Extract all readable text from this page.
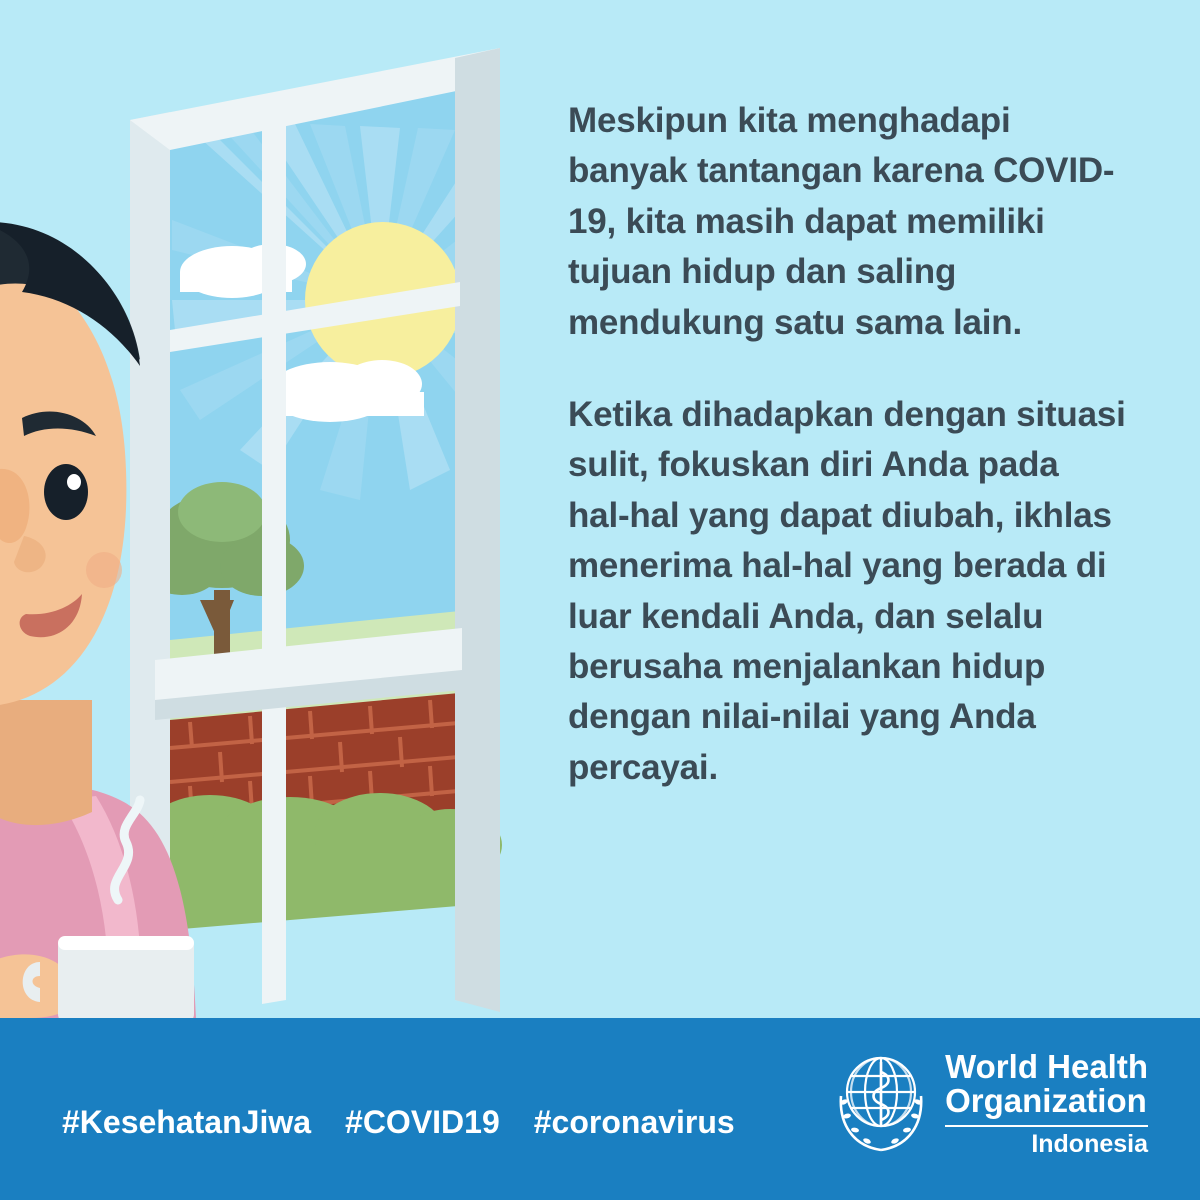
Meskipun kita menghadapi banyak tantangan karena COVID-19, kita masih dapat memiliki tujuan hidup dan saling mendukung satu sama lain.

Ketika dihadapkan dengan situasi sulit, fokuskan diri Anda pada hal-hal yang dapat diubah, ikhlas menerima hal-hal yang berada di luar kendali Anda, dan selalu berusaha menjalankan hidup dengan nilai-nilai yang Anda percayai.

#KesehatanJiwa #COVID19 #coronavirus
World Health
Organization
Indonesia
